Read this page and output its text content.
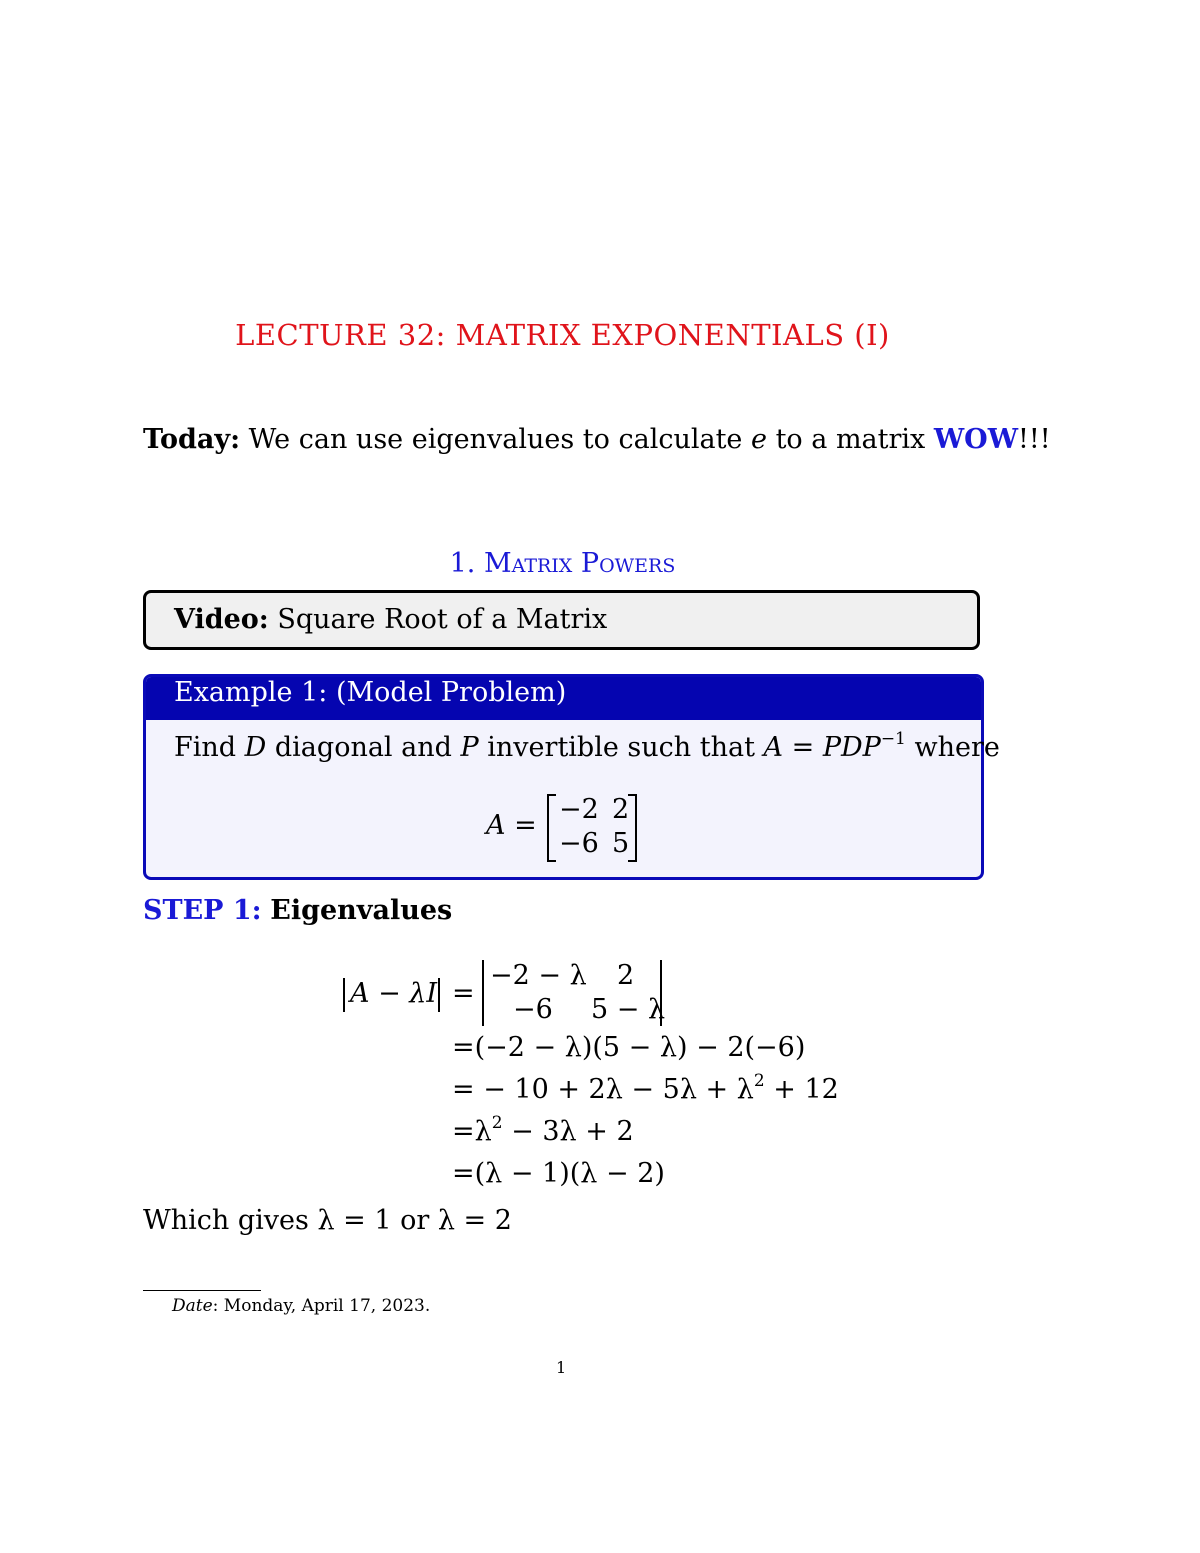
LECTURE 32: MATRIX EXPONENTIALS (I)
Today: We can use eigenvalues to calculate e to a matrix WOW!!!
1. Matrix Powers
Video: Square Root of a Matrix
Example 1: (Model Problem)
Find D diagonal and P invertible such that $A = PDP^{-1}$ where
A =
−2 2
−6 5
STEP 1: Eigenvalues
A − λI =
−2 − λ 2
−6 5 − λ
=(−2 − λ)(5 − λ) − 2(−6)
= − $10 + 2\lambda - 5\lambda + \lambda^2 + 12$
$=\lambda^2 - 3\lambda + 2$
=(λ − 1)(λ − 2)
Which gives λ = 1 or λ = 2
Date: Monday, April 17, 2023.
1
